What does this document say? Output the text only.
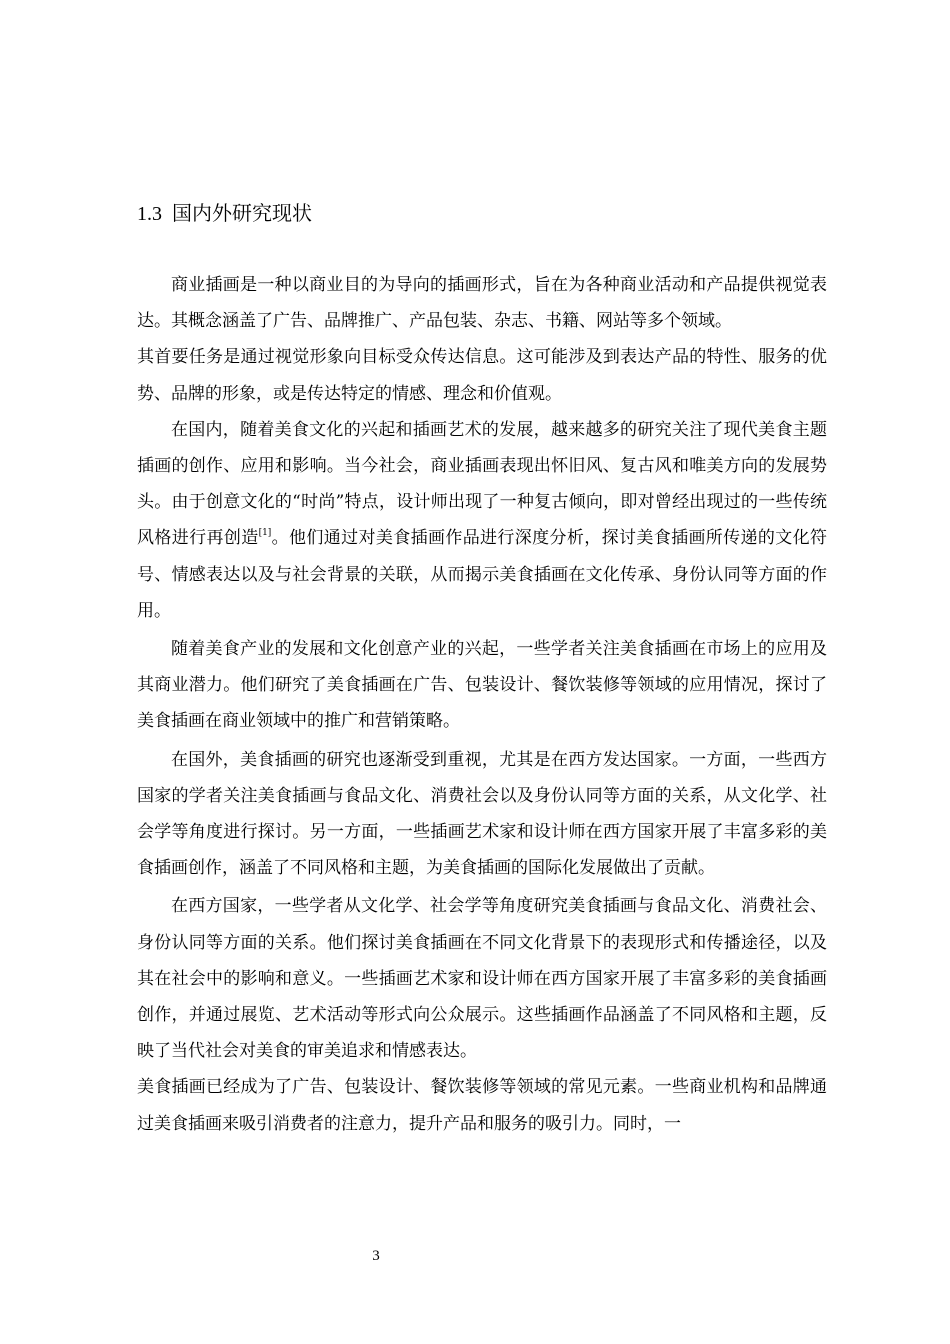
1.3 国内外研究现状

商业插画是一种以商业目的为导向的插画形式，旨在为各种商业活动和产品提供视觉表达。其概念涵盖了广告、品牌推广、产品包装、杂志、书籍、网站等多个领域。

其首要任务是通过视觉形象向目标受众传达信息。这可能涉及到表达产品的特性、服务的优势、品牌的形象，或是传达特定的情感、理念和价值观。

在国内，随着美食文化的兴起和插画艺术的发展，越来越多的研究关注了现代美食主题插画的创作、应用和影响。当今社会，商业插画表现出怀旧风、复古风和唯美方向的发展势头。由于创意文化的“时尚”特点，设计师出现了一种复古倾向，即对曾经出现过的一些传统风格进行再创造[1]。他们通过对美食插画作品进行深度分析，探讨美食插画所传递的文化符号、情感表达以及与社会背景的关联，从而揭示美食插画在文化传承、身份认同等方面的作用。

随着美食产业的发展和文化创意产业的兴起，一些学者关注美食插画在市场上的应用及其商业潜力。他们研究了美食插画在广告、包装设计、餐饮装修等领域的应用情况，探讨了美食插画在商业领域中的推广和营销策略。

在国外，美食插画的研究也逐渐受到重视，尤其是在西方发达国家。一方面，一些西方国家的学者关注美食插画与食品文化、消费社会以及身份认同等方面的关系，从文化学、社会学等角度进行探讨。另一方面，一些插画艺术家和设计师在西方国家开展了丰富多彩的美食插画创作，涵盖了不同风格和主题，为美食插画的国际化发展做出了贡献。

在西方国家，一些学者从文化学、社会学等角度研究美食插画与食品文化、消费社会、身份认同等方面的关系。他们探讨美食插画在不同文化背景下的表现形式和传播途径，以及其在社会中的影响和意义。一些插画艺术家和设计师在西方国家开展了丰富多彩的美食插画创作，并通过展览、艺术活动等形式向公众展示。这些插画作品涵盖了不同风格和主题，反映了当代社会对美食的审美追求和情感表达。

美食插画已经成为了广告、包装设计、餐饮装修等领域的常见元素。一些商业机构和品牌通过美食插画来吸引消费者的注意力，提升产品和服务的吸引力。同时，一

3
